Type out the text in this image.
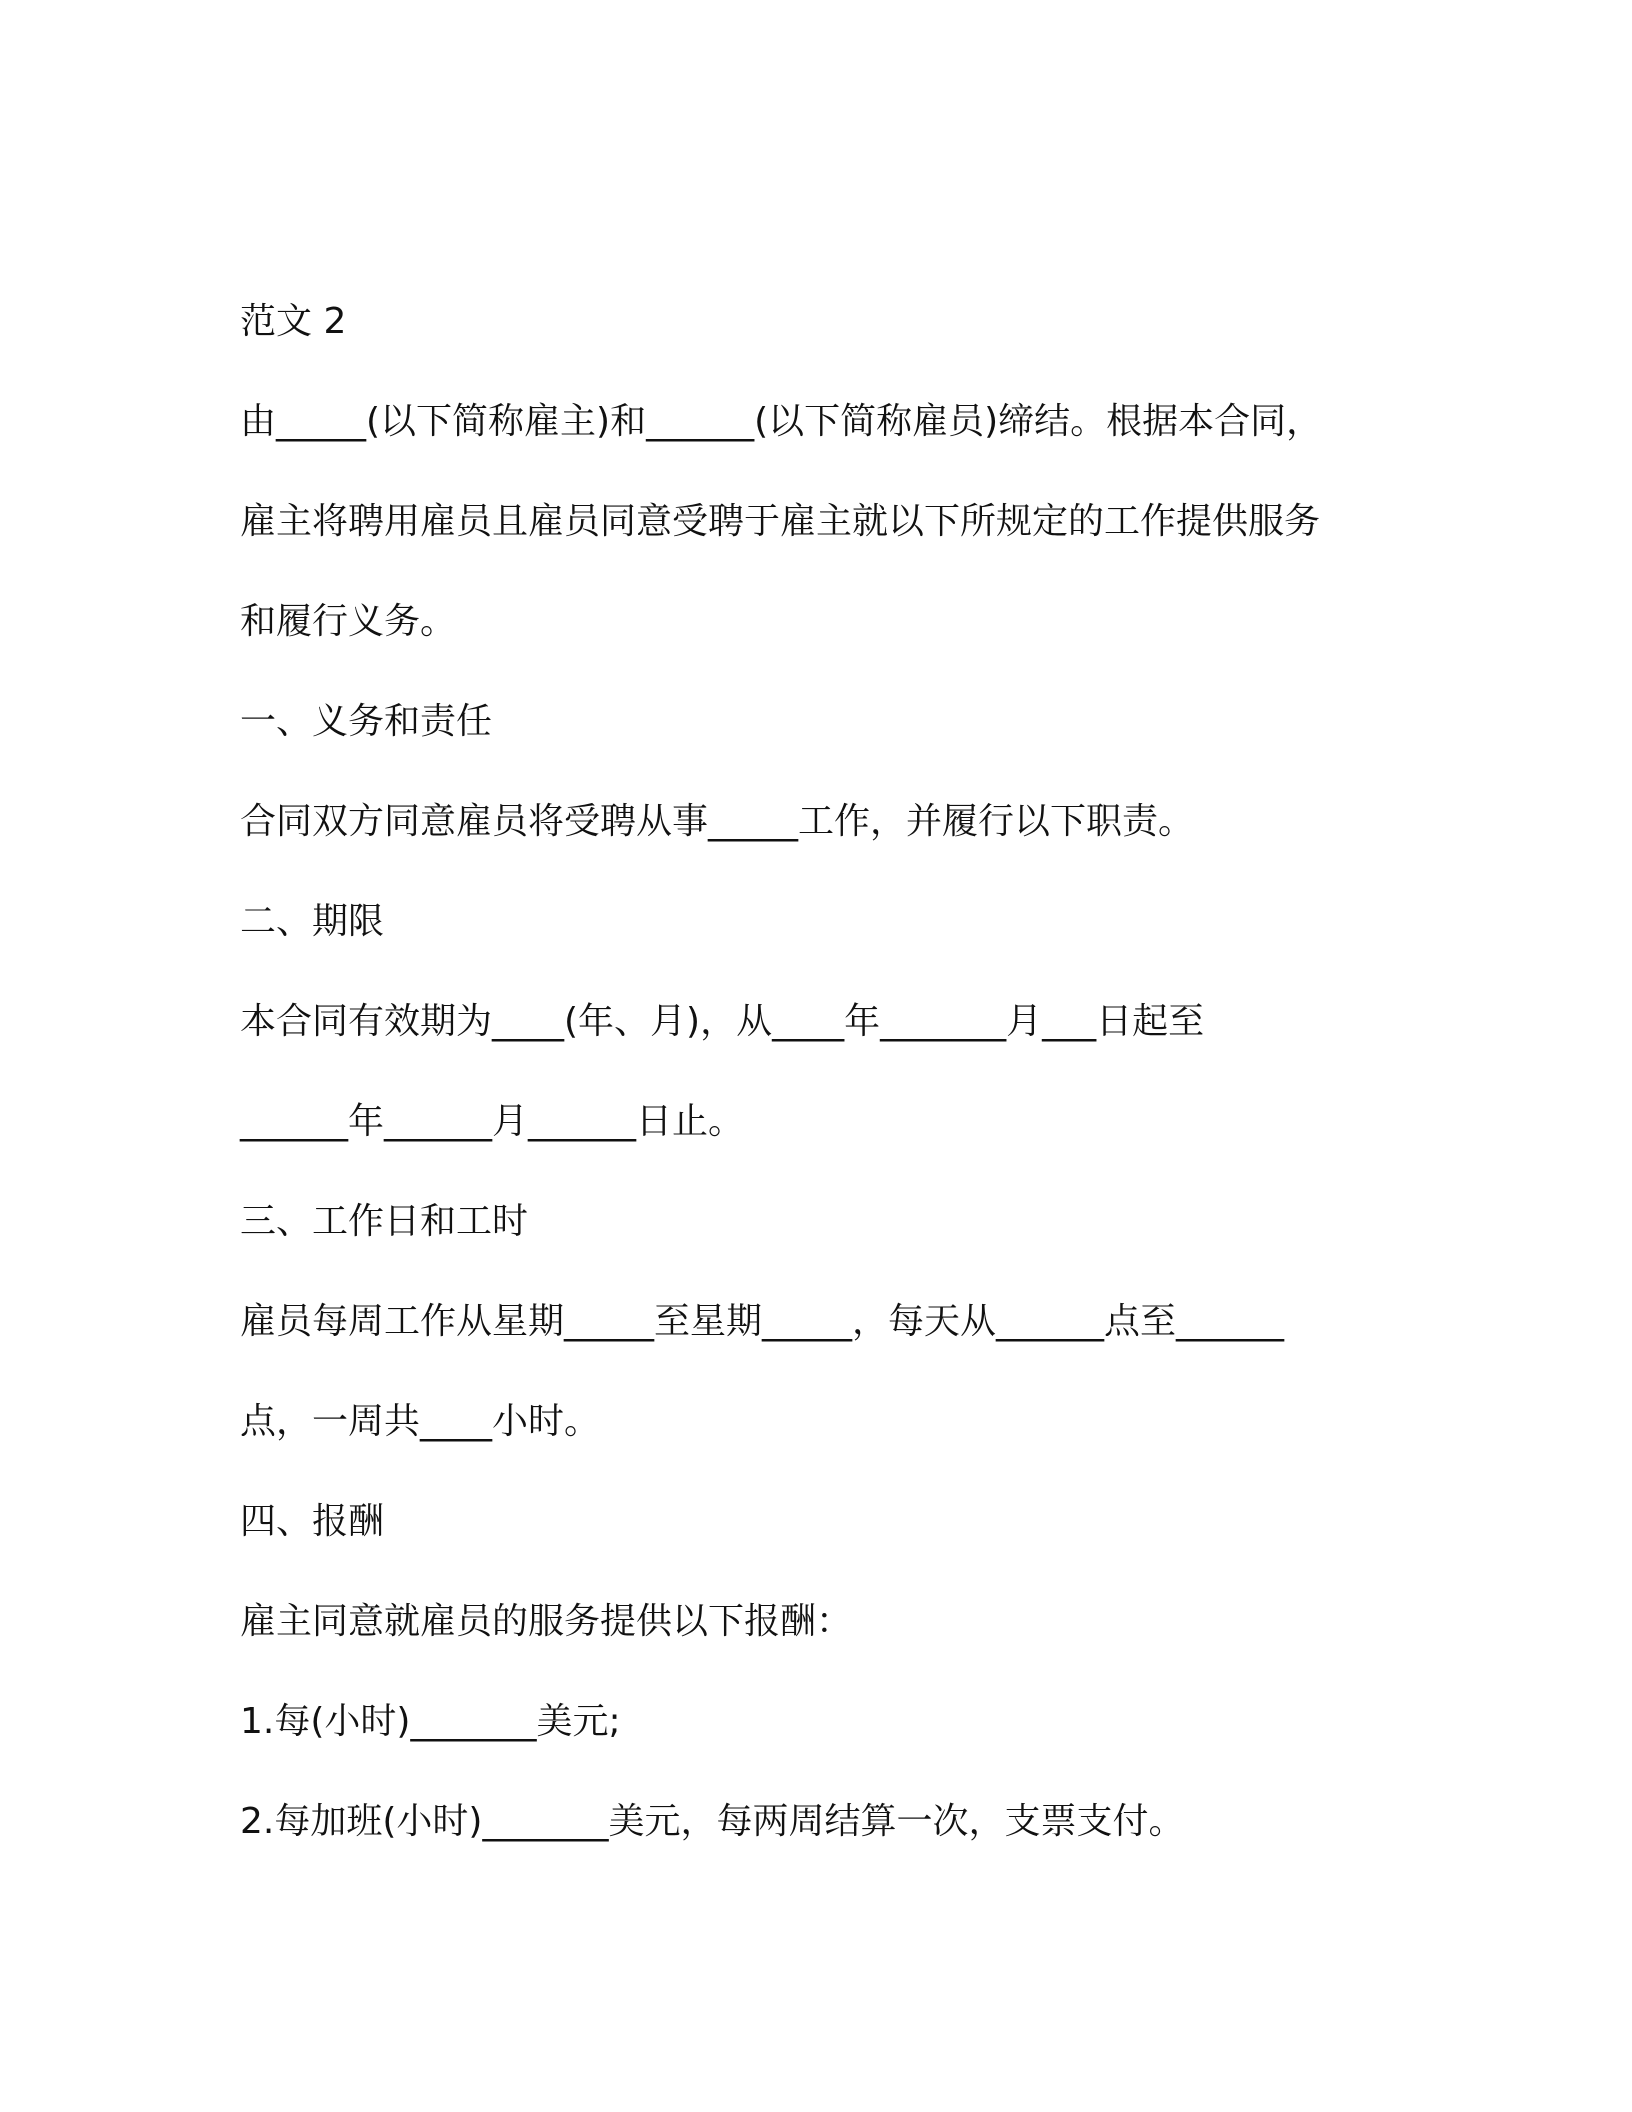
范文 2
由_____(以下简称雇主)和______(以下简称雇员)缔结。根据本合同，
雇主将聘用雇员且雇员同意受聘于雇主就以下所规定的工作提供服务
和履行义务。
一、义务和责任
合同双方同意雇员将受聘从事_____工作，并履行以下职责。
二、期限
本合同有效期为____(年、月)，从____年_______月___日起至
______年______月______日止。
三、工作日和工时
雇员每周工作从星期_____至星期_____，每天从______点至______
点，一周共____小时。
四、报酬
雇主同意就雇员的服务提供以下报酬：
1.每(小时)_______美元;
2.每加班(小时)_______美元，每两周结算一次，支票支付。
